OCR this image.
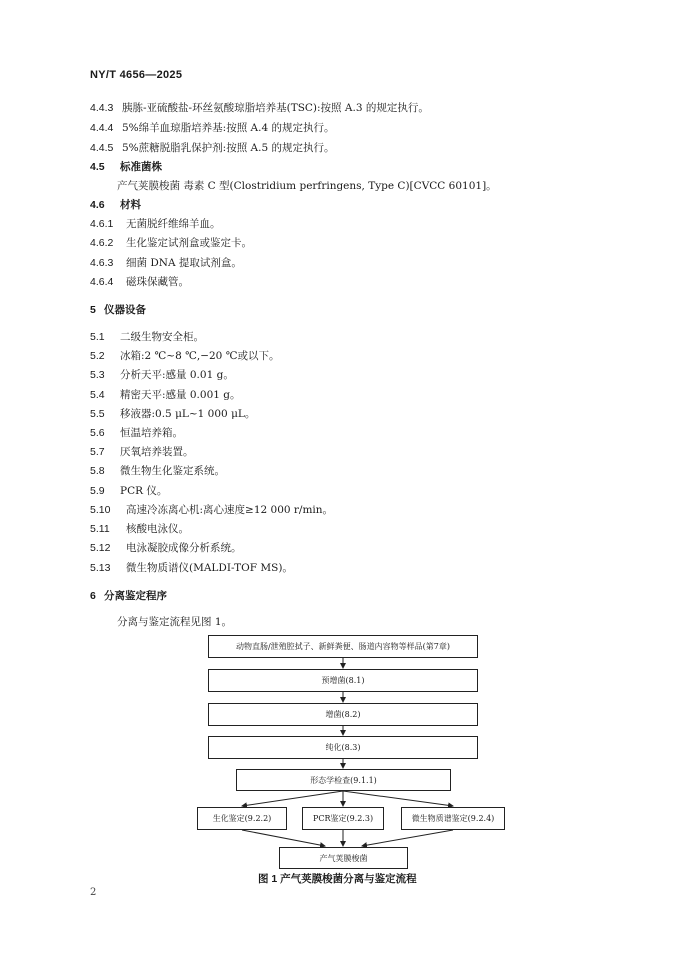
NY/T 4656—2025
4.4.3 胰胨-亚硫酸盐-环丝氨酸琼脂培养基(TSC):按照 A.3 的规定执行。
4.4.4 5%绵羊血琼脂培养基:按照 A.4 的规定执行。
4.4.5 5%蔗糖脱脂乳保护剂:按照 A.5 的规定执行。
4.5 标准菌株
产气荚膜梭菌 毒素 C 型(Clostridium perfringens, Type C)[CVCC 60101]。
4.6 材料
4.6.1 无菌脱纤维绵羊血。
4.6.2 生化鉴定试剂盒或鉴定卡。
4.6.3 细菌 DNA 提取试剂盒。
4.6.4 磁珠保藏管。
5 仪器设备
5.1 二级生物安全柜。
5.2 冰箱:2 ℃~8 ℃,−20 ℃或以下。
5.3 分析天平:感量 0.01 g。
5.4 精密天平:感量 0.001 g。
5.5 移液器:0.5 μL~1 000 μL。
5.6 恒温培养箱。
5.7 厌氧培养装置。
5.8 微生物生化鉴定系统。
5.9 PCR 仪。
5.10 高速冷冻离心机:离心速度≥12 000 r/min。
5.11 核酸电泳仪。
5.12 电泳凝胶成像分析系统。
5.13 微生物质谱仪(MALDI-TOF MS)。
6 分离鉴定程序
分离与鉴定流程见图 1。
动物直肠/泄殖腔拭子、新鲜粪便、肠道内容物等样品(第7章)
预增菌(8.1)
增菌(8.2)
纯化(8.3)
形态学检查(9.1.1)
生化鉴定(9.2.2)	PCR鉴定(9.2.3)	微生物质谱鉴定(9.2.4)
产气荚膜梭菌
图 1 产气荚膜梭菌分离与鉴定流程
2
